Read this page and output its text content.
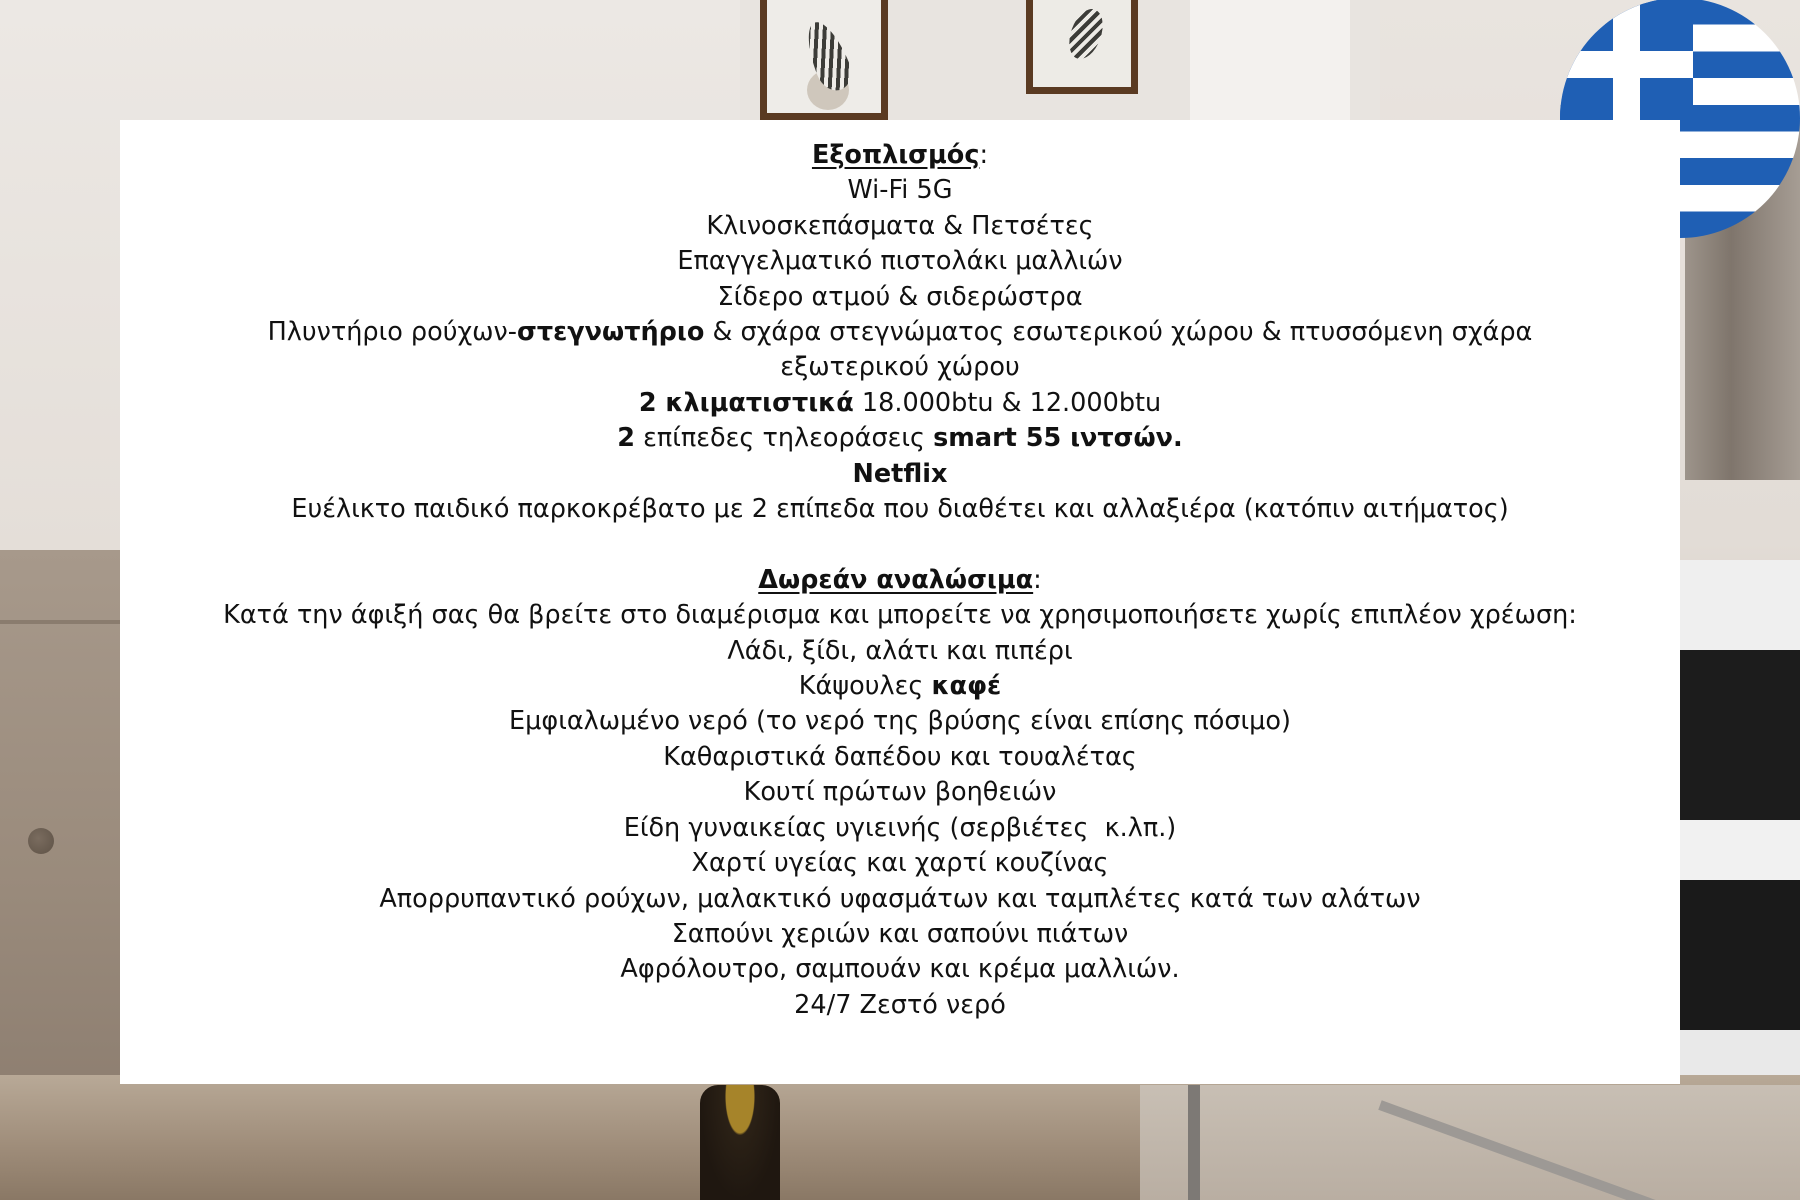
Εξοπλισμός:
Wi-Fi 5G
Κλινοσκεπάσματα & Πετσέτες
Επαγγελματικό πιστολάκι μαλλιών
Σίδερο ατμού & σιδερώστρα
Πλυντήριο ρούχων-στεγνωτήριο & σχάρα στεγνώματος εσωτερικού χώρου & πτυσσόμενη σχάρα εξωτερικού χώρου
2 κλιματιστικά 18.000btu & 12.000btu
2 επίπεδες τηλεοράσεις smart 55 ιντσών.
Netflix
Ευέλικτο παιδικό παρκοκρέβατο με 2 επίπεδα που διαθέτει και αλλαξιέρα (κατόπιν αιτήματος)
Δωρεάν αναλώσιμα:
Κατά την άφιξή σας θα βρείτε στο διαμέρισμα και μπορείτε να χρησιμοποιήσετε χωρίς επιπλέον χρέωση:
Λάδι, ξίδι, αλάτι και πιπέρι
Κάψουλες καφέ
Εμφιαλωμένο νερό (το νερό της βρύσης είναι επίσης πόσιμο)
Καθαριστικά δαπέδου και τουαλέτας
Κουτί πρώτων βοηθειών
Είδη γυναικείας υγιεινής (σερβιέτες  κ.λπ.)
Χαρτί υγείας και χαρτί κουζίνας
Απορρυπαντικό ρούχων, μαλακτικό υφασμάτων και ταμπλέτες κατά των αλάτων
Σαπούνι χεριών και σαπούνι πιάτων
Αφρόλουτρο, σαμπουάν και κρέμα μαλλιών.
24/7 Ζεστό νερό
